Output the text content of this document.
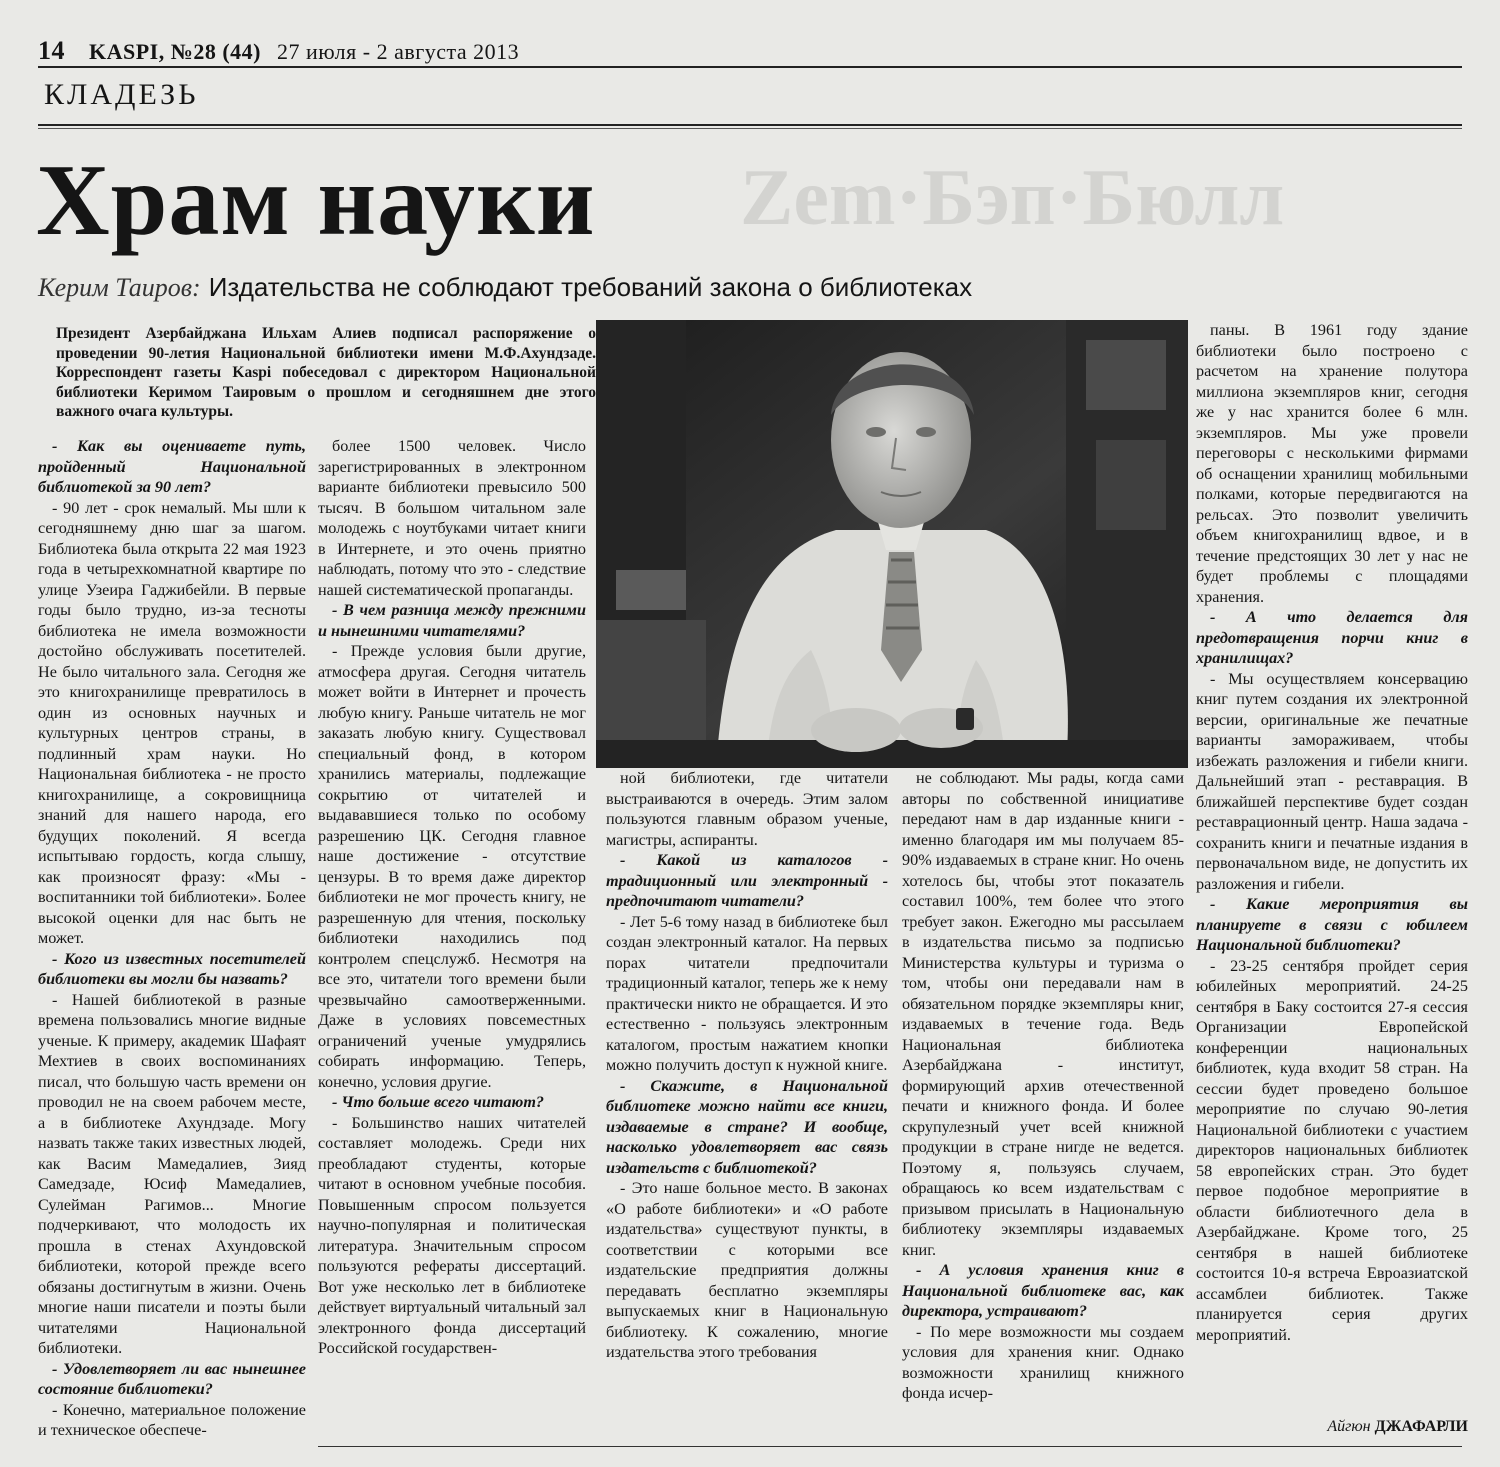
14 KASPI, №28 (44) 27 июля - 2 августа 2013
КЛАДЕЗЬ
Zem·Бэп·Бюлл
Храм науки
Керим Таиров: Издательства не соблюдают требований закона о библиотеках
Президент Азербайджана Ильхам Алиев подписал распоряжение о проведении 90-летия Национальной библиотеки имени М.Ф.Ахундзаде. Корреспондент газеты Kaspi побеседовал с директором Национальной библиотеки Керимом Таировым о прошлом и сегодняшнем дне этого важного очага культуры.

- Как вы оцениваете путь, пройденный Национальной библиотекой за 90 лет?

- 90 лет - срок немалый. Мы шли к сегодняшнему дню шаг за шагом. Библиотека была открыта 22 мая 1923 года в четырехкомнатной квартире по улице Узеира Гаджибейли. В первые годы было трудно, из-за тесноты библиотека не имела возможности достойно обслуживать посетителей. Не было читального зала. Сегодня же это книгохранилище превратилось в один из основных научных и культурных центров страны, в подлинный храм науки. Но Национальная библиотека - не просто книгохранилище, а сокровищница знаний для нашего народа, его будущих поколений. Я всегда испытываю гордость, когда слышу, как произносят фразу: «Мы - воспитанники той библиотеки». Более высокой оценки для нас быть не может.

- Кого из известных посетителей библиотеки вы могли бы назвать?

- Нашей библиотекой в разные времена пользовались многие видные ученые. К примеру, академик Шафаят Мехтиев в своих воспоминаниях писал, что большую часть времени он проводил не на своем рабочем месте, а в библиотеке Ахундзаде. Могу назвать также таких известных людей, как Васим Мамедалиев, Зияд Самедзаде, Юсиф Мамедалиев, Сулейман Рагимов... Многие подчеркивают, что молодость их прошла в стенах Ахундовской библиотеки, которой прежде всего обязаны достигнутым в жизни. Очень многие наши писатели и поэты были читателями Национальной библиотеки.

- Удовлетворяет ли вас нынешнее состояние библиотеки?

- Конечно, материальное положение и техническое обеспече-

более 1500 человек. Число зарегистрированных в электронном варианте библиотеки превысило 500 тысяч. В большом читальном зале молодежь с ноутбуками читает книги в Интернете, и это очень приятно наблюдать, потому что это - следствие нашей систематической пропаганды.

- В чем разница между прежними и нынешними читателями?

- Прежде условия были другие, атмосфера другая. Сегодня читатель может войти в Интернет и прочесть любую книгу. Раньше читатель не мог заказать любую книгу. Существовал специальный фонд, в котором хранились материалы, подлежащие сокрытию от читателей и выдававшиеся только по особому разрешению ЦК. Сегодня главное наше достижение - отсутствие цензуры. В то время даже директор библиотеки не мог прочесть книгу, не разрешенную для чтения, поскольку библиотеки находились под контролем спецслужб. Несмотря на все это, читатели того времени были чрезвычайно самоотверженными. Даже в условиях повсеместных ограничений ученые умудрялись собирать информацию. Теперь, конечно, условия другие.

- Что больше всего читают?

- Большинство наших читателей составляет молодежь. Среди них преобладают студенты, которые читают в основном учебные пособия. Повышенным спросом пользуется научно-популярная и политическая литература. Значительным спросом пользуются рефераты диссертаций. Вот уже несколько лет в библиотеке действует виртуальный читальный зал электронного фонда диссертаций Российской государствен-

ной библиотеки, где читатели выстраиваются в очередь. Этим залом пользуются главным образом ученые, магистры, аспиранты.

- Какой из каталогов - традиционный или электронный - предпочитают читатели?

- Лет 5-6 тому назад в библиотеке был создан электронный каталог. На первых порах читатели предпочитали традиционный каталог, теперь же к нему практически никто не обращается. И это естественно - пользуясь электронным каталогом, простым нажатием кнопки можно получить доступ к нужной книге.

- Скажите, в Национальной библиотеке можно найти все книги, издаваемые в стране? И вообще, насколько удовлетворяет вас связь издательств с библиотекой?

- Это наше больное место. В законах «О работе библиотеки» и «О работе издательства» существуют пункты, в соответствии с которыми все издательские предприятия должны передавать бесплатно экземпляры выпускаемых книг в Национальную библиотеку. К сожалению, многие издательства этого требования

не соблюдают. Мы рады, когда сами авторы по собственной инициативе передают нам в дар изданные книги - именно благодаря им мы получаем 85-90% издаваемых в стране книг. Но очень хотелось бы, чтобы этот показатель составил 100%, тем более что этого требует закон. Ежегодно мы рассылаем в издательства письмо за подписью Министерства культуры и туризма о том, чтобы они передавали нам в обязательном порядке экземпляры книг, издаваемых в течение года. Ведь Национальная библиотека Азербайджана - институт, формирующий архив отечественной печати и книжного фонда. И более скрупулезный учет всей книжной продукции в стране нигде не ведется. Поэтому я, пользуясь случаем, обращаюсь ко всем издательствам с призывом присылать в Национальную библиотеку экземпляры издаваемых книг.

- А условия хранения книг в Национальной библиотеке вас, как директора, устраивают?

- По мере возможности мы создаем условия для хранения книг. Однако возможности хранилищ книжного фонда исчер-

паны. В 1961 году здание библиотеки было построено с расчетом на хранение полутора миллиона экземпляров книг, сегодня же у нас хранится более 6 млн. экземпляров. Мы уже провели переговоры с несколькими фирмами об оснащении хранилищ мобильными полками, которые передвигаются на рельсах. Это позволит увеличить объем книгохранилищ вдвое, и в течение предстоящих 30 лет у нас не будет проблемы с площадями хранения.

- А что делается для предотвращения порчи книг в хранилищах?

- Мы осуществляем консервацию книг путем создания их электронной версии, оригинальные же печатные варианты замораживаем, чтобы избежать разложения и гибели книги. Дальнейший этап - реставрация. В ближайшей перспективе будет создан реставрационный центр. Наша задача - сохранить книги и печатные издания в первоначальном виде, не допустить их разложения и гибели.

- Какие мероприятия вы планируете в связи с юбилеем Национальной библиотеки?

- 23-25 сентября пройдет серия юбилейных мероприятий. 24-25 сентября в Баку состоится 27-я сессия Организации Европейской конференции национальных библиотек, куда входит 58 стран. На сессии будет проведено большое мероприятие по случаю 90-летия Национальной библиотеки с участием директоров национальных библиотек 58 европейских стран. Это будет первое подобное мероприятие в области библиотечного дела в Азербайджане. Кроме того, 25 сентября в нашей библиотеке состоится 10-я встреча Евроазиатской ассамблеи библиотек. Также планируется серия других мероприятий.

Айгюн ДЖАФАРЛИ
